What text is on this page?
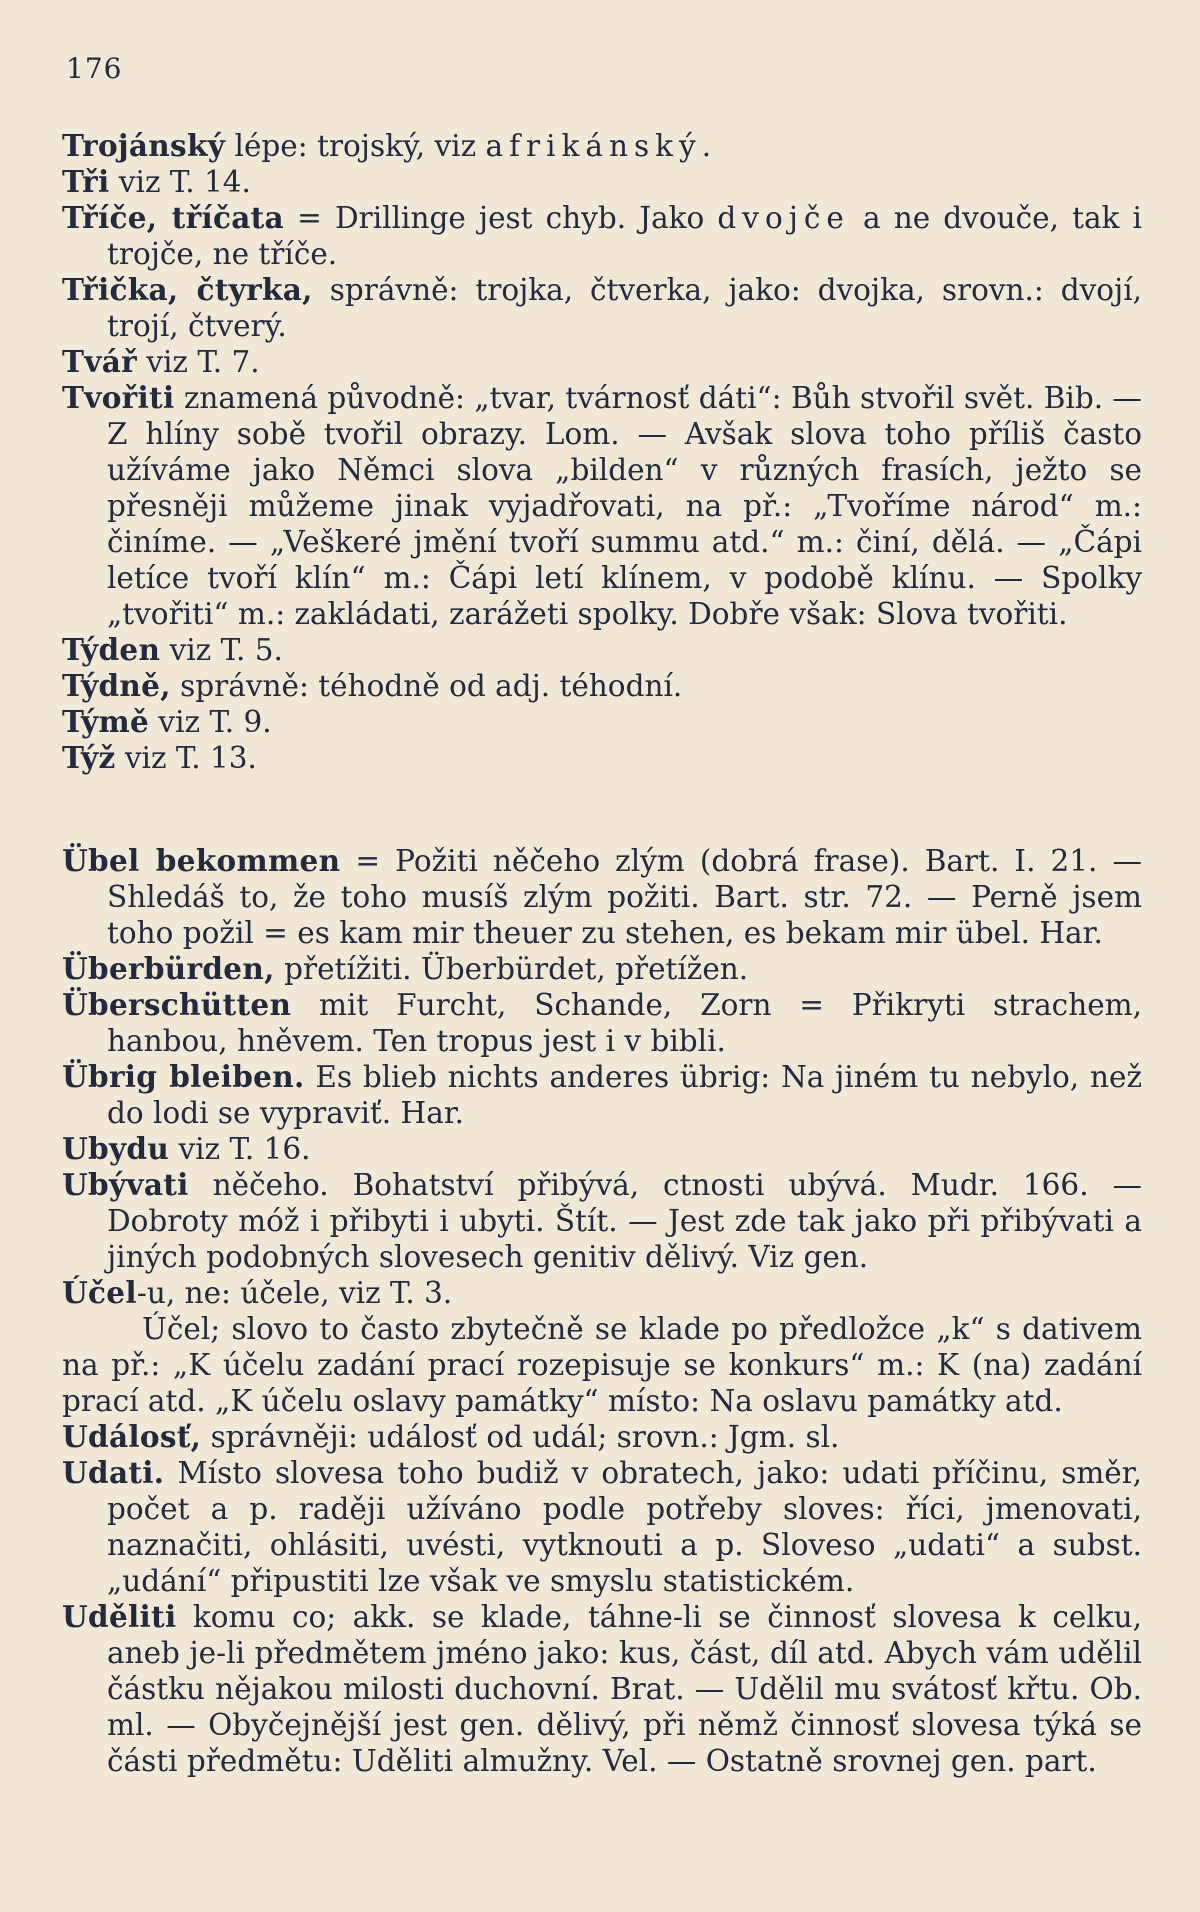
176
Trojánský lépe: trojský, viz afrikánský.
Tři viz T. 14.
Tříče, tříčata = Drillinge jest chyb. Jako dvojče a ne dvouče, tak i trojče, ne tříče.
Třička, čtyrka, správně: trojka, čtverka, jako: dvojka, srovn.: dvojí, trojí, čtverý.
Tvář viz T. 7.
Tvořiti znamená původně: „tvar, tvárnosť dáti“: Bůh stvořil svět. Bib. — Z hlíny sobě tvořil obrazy. Lom. — Avšak slova toho příliš často užíváme jako Němci slova „bilden“ v různých frasích, ježto se přesněji můžeme jinak vyjadřovati, na př.: „Tvoříme národ“ m.: činíme. — „Veškeré jmění tvoří summu atd.“ m.: činí, dělá. — „Čápi letíce tvoří klín“ m.: Čápi letí klínem, v podobě klínu. — Spolky „tvořiti“ m.: zakládati, zarážeti spolky. Dobře však: Slova tvořiti.
Týden viz T. 5.
Týdně, správně: téhodně od adj. téhodní.
Týmě viz T. 9.
Týž viz T. 13.
Übel bekommen = Požiti něčeho zlým (dobrá frase). Bart. I. 21. — Shledáš to, že toho musíš zlým požiti. Bart. str. 72. — Perně jsem toho požil = es kam mir theuer zu stehen, es bekam mir übel. Har.
Überbürden, přetížiti. Überbürdet, přetížen.
Überschütten mit Furcht, Schande, Zorn = Přikryti strachem, hanbou, hněvem. Ten tropus jest i v bibli.
Übrig bleiben. Es blieb nichts anderes übrig: Na jiném tu nebylo, než do lodi se vypraviť. Har.
Ubydu viz T. 16.
Ubývati něčeho. Bohatství přibývá, ctnosti ubývá. Mudr. 166. — Dobroty móž i přibyti i ubyti. Štít. — Jest zde tak jako při přibývati a jiných podobných slovesech genitiv dělivý. Viz gen.
Účel-u, ne: účele, viz T. 3.
Účel; slovo to často zbytečně se klade po předložce „k“ s dativem na př.: „K účelu zadání prací rozepisuje se konkurs“ m.: K (na) zadání prací atd. „K účelu oslavy památky“ místo: Na oslavu památky atd.
Událosť, správněji: událosť od udál; srovn.: Jgm. sl.
Udati. Místo slovesa toho budiž v obratech, jako: udati příčinu, směr, počet a p. raději užíváno podle potřeby sloves: říci, jmenovati, naznačiti, ohlásiti, uvésti, vytknouti a p. Sloveso „udati“ a subst. „udání“ připustiti lze však ve smyslu statistickém.
Uděliti komu co; akk. se klade, táhne-li se činnosť slovesa k celku, aneb je-li předmětem jméno jako: kus, část, díl atd. Abych vám udělil částku nějakou milosti duchovní. Brat. — Udělil mu svátosť křtu. Ob. ml. — Obyčejnější jest gen. dělivý, při němž činnosť slovesa týká se části předmětu: Uděliti almužny. Vel. — Ostatně srovnej gen. part.
